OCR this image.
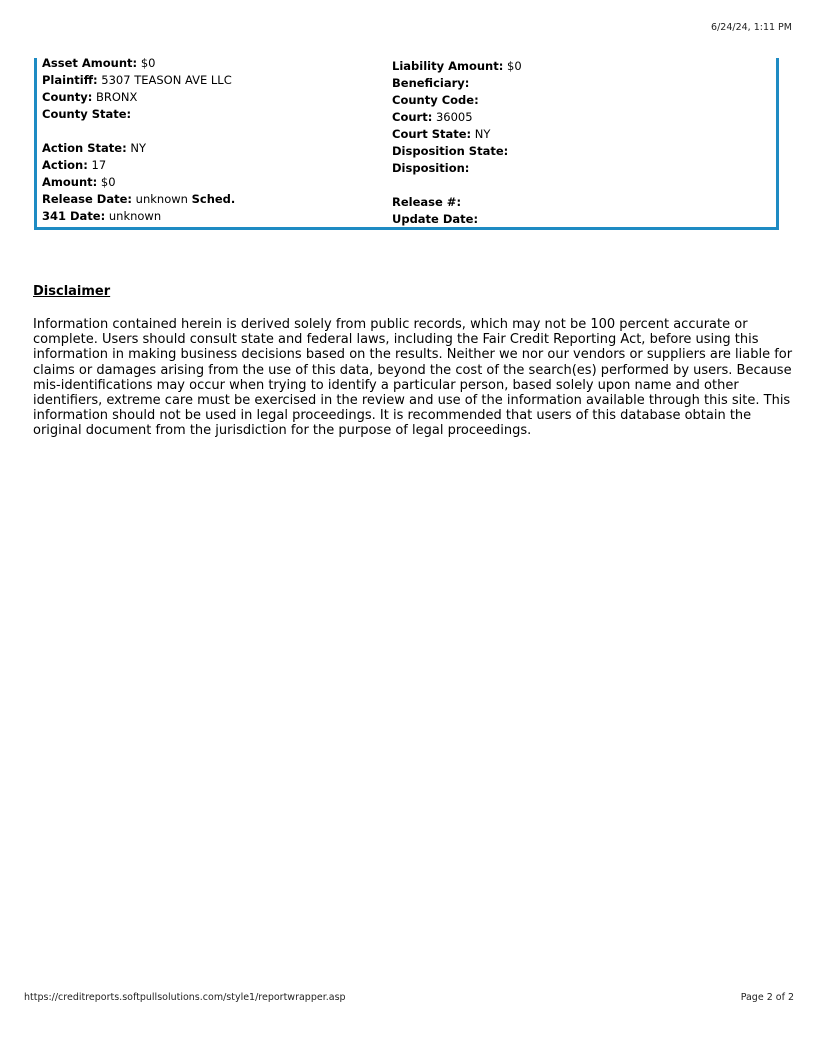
6/24/24, 1:11 PM
Asset Amount: $0
Plaintiff: 5307 TEASON AVE LLC
County: BRONX
County State:
Action State: NY
Action: 17
Amount: $0
Release Date: unknown Sched.
341 Date: unknown
Liability Amount: $0
Beneficiary:
County Code:
Court: 36005
Court State: NY
Disposition State:
Disposition:
Release #:
Update Date:
Disclaimer

Information contained herein is derived solely from public records, which may not be 100 percent accurate or complete. Users should consult state and federal laws, including the Fair Credit Reporting Act, before using this information in making business decisions based on the results. Neither we nor our vendors or suppliers are liable for claims or damages arising from the use of this data, beyond the cost of the search(es) performed by users. Because mis-identifications may occur when trying to identify a particular person, based solely upon name and other identifiers, extreme care must be exercised in the review and use of the information available through this site. This information should not be used in legal proceedings. It is recommended that users of this database obtain the original document from the jurisdiction for the purpose of legal proceedings.

https://creditreports.softpullsolutions.com/style1/reportwrapper.asp	Page 2 of 2
